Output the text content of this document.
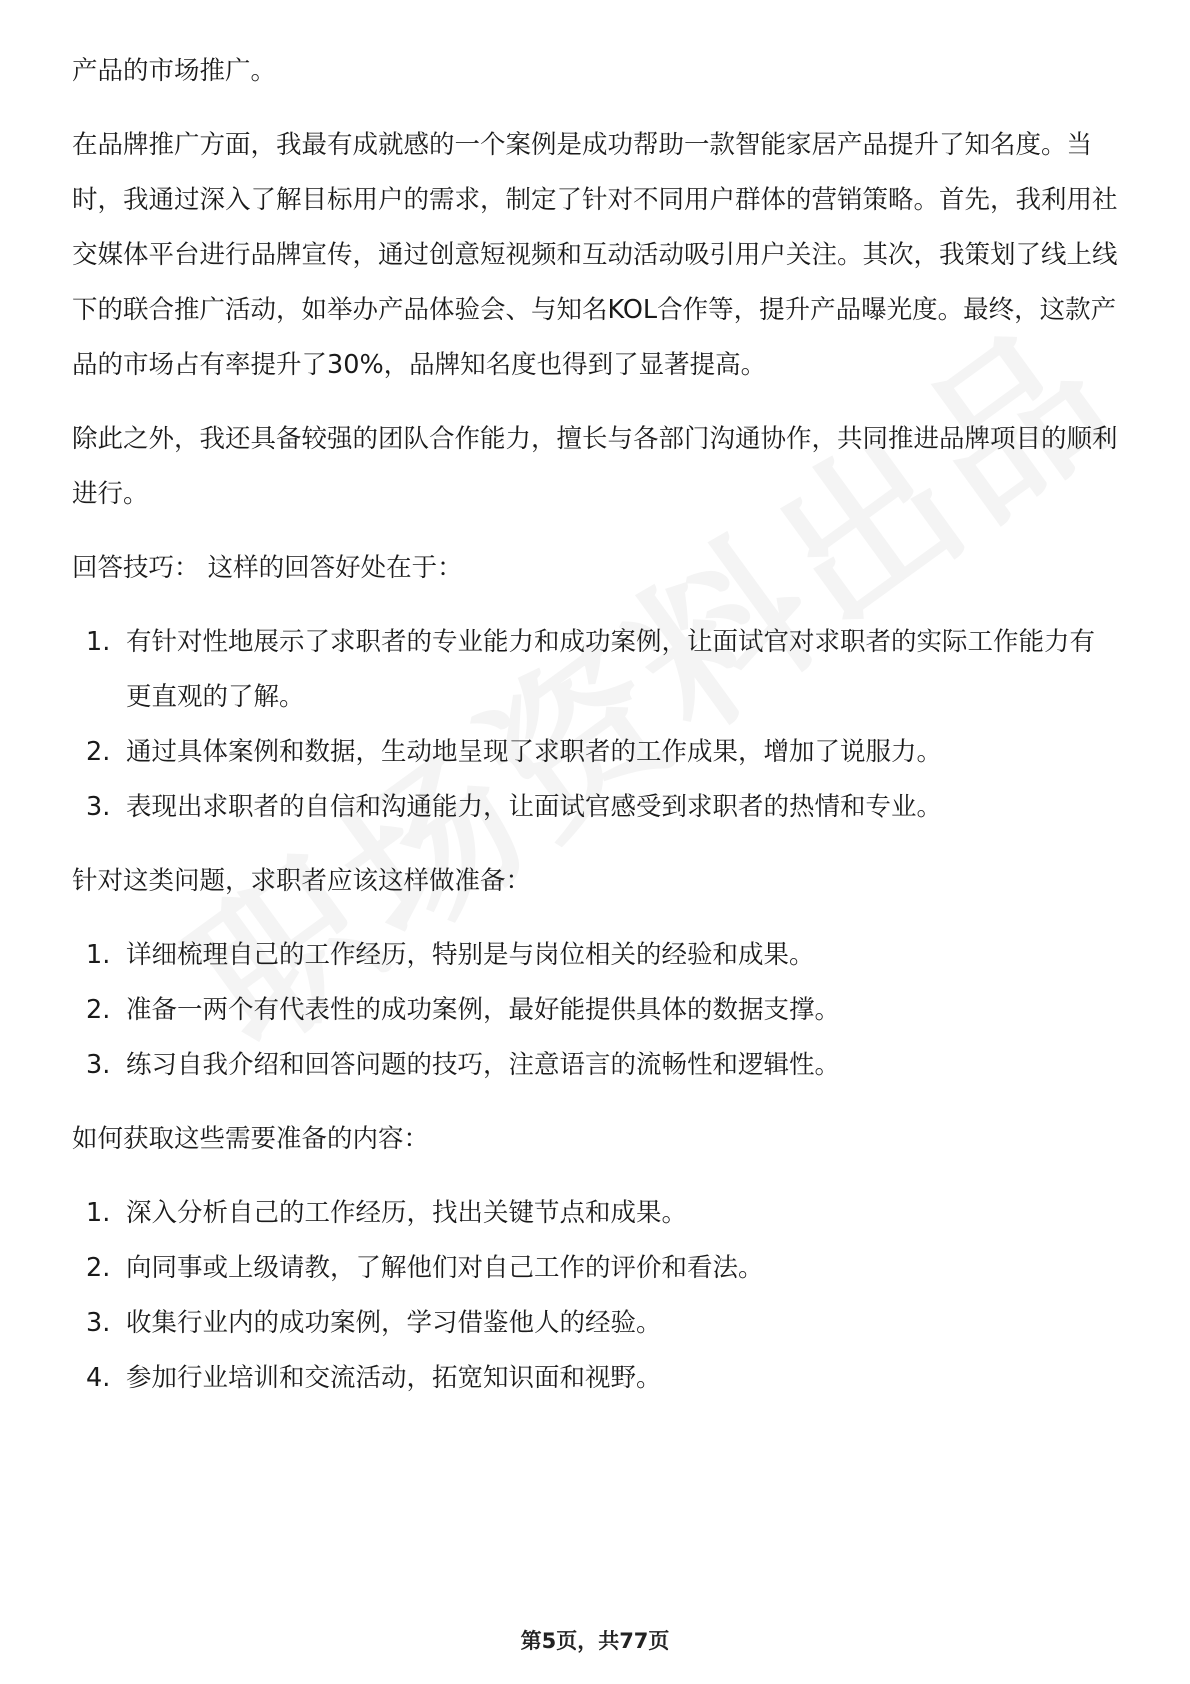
产品的市场推广。

在品牌推广方面，我最有成就感的一个案例是成功帮助一款智能家居产品提升了知名度。当时，我通过深入了解目标用户的需求，制定了针对不同用户群体的营销策略。首先，我利用社交媒体平台进行品牌宣传，通过创意短视频和互动活动吸引用户关注。其次，我策划了线上线下的联合推广活动，如举办产品体验会、与知名KOL合作等，提升产品曝光度。最终，这款产品的市场占有率提升了30%，品牌知名度也得到了显著提高。

除此之外，我还具备较强的团队合作能力，擅长与各部门沟通协作，共同推进品牌项目的顺利进行。

回答技巧： 这样的回答好处在于：

1. 有针对性地展示了求职者的专业能力和成功案例，让面试官对求职者的实际工作能力有更直观的了解。
2. 通过具体案例和数据，生动地呈现了求职者的工作成果，增加了说服力。
3. 表现出求职者的自信和沟通能力，让面试官感受到求职者的热情和专业。

针对这类问题，求职者应该这样做准备：

1. 详细梳理自己的工作经历，特别是与岗位相关的经验和成果。
2. 准备一两个有代表性的成功案例，最好能提供具体的数据支撑。
3. 练习自我介绍和回答问题的技巧，注意语言的流畅性和逻辑性。

如何获取这些需要准备的内容：

1. 深入分析自己的工作经历，找出关键节点和成果。
2. 向同事或上级请教，了解他们对自己工作的评价和看法。
3. 收集行业内的成功案例，学习借鉴他人的经验。
4. 参加行业培训和交流活动，拓宽知识面和视野。
第5页，共77页
